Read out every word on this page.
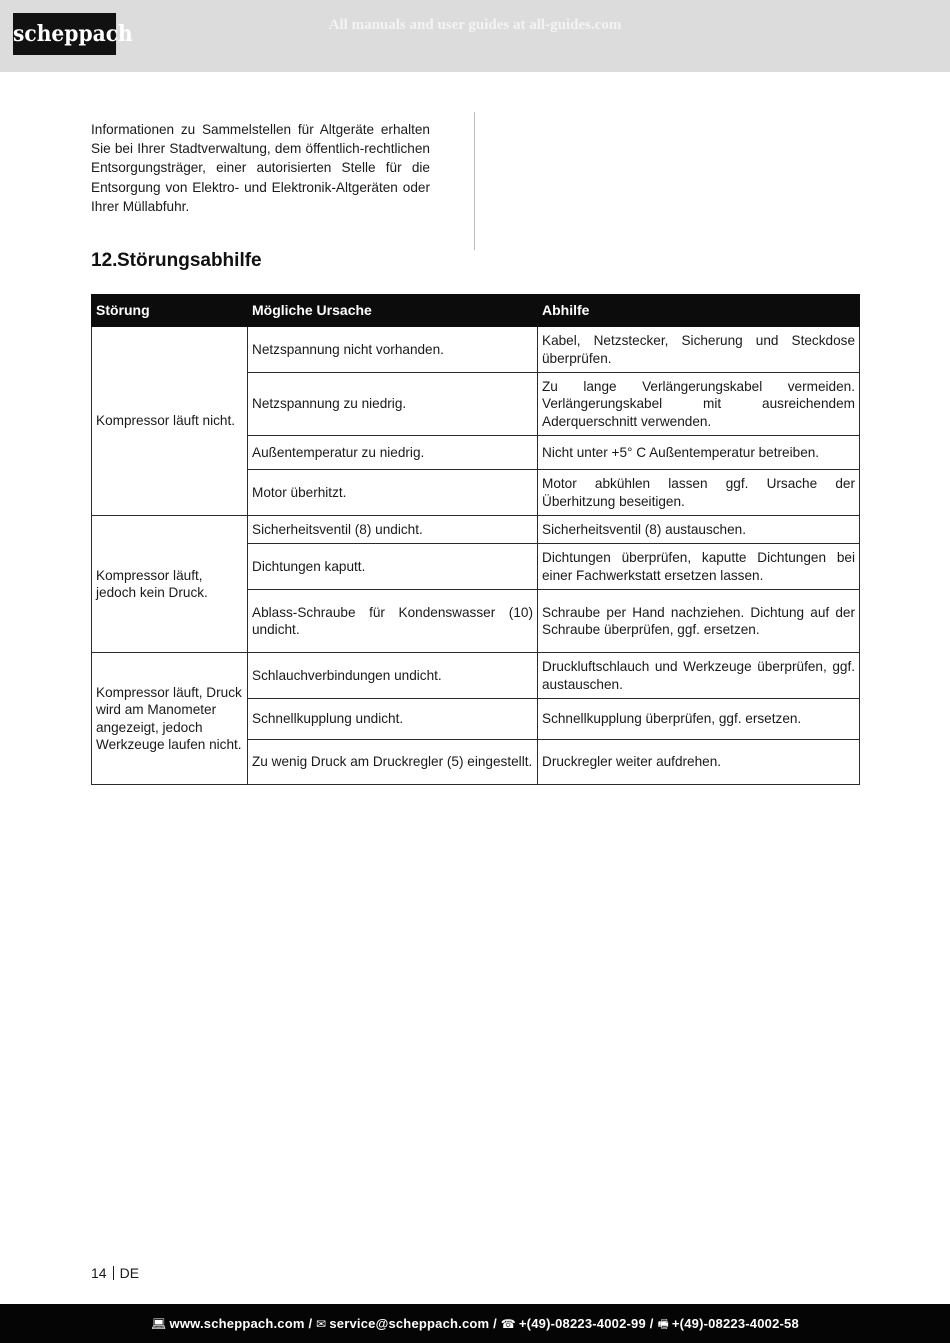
scheppach	All manuals and user guides at all-guides.com

Informationen zu Sammelstellen für Altgeräte erhalten Sie bei Ihrer Stadtverwaltung, dem öffentlich-rechtlichen Entsorgungsträger, einer autorisierten Stelle für die Entsorgung von Elektro- und Elektronik-Altgeräten oder Ihrer Müllabfuhr.

12.Störungsabhilfe
Störung	Mögliche Ursache	Abhilfe
Kompressor läuft nicht.	Netzspannung nicht vorhanden.	Kabel, Netzstecker, Sicherung und Steckdose überprüfen.
	Netzspannung zu niedrig.	Zu lange Verlängerungskabel vermeiden. Verlängerungskabel mit ausreichendem Aderquerschnitt verwenden.
	Außentemperatur zu niedrig.	Nicht unter +5° C Außentemperatur betreiben.
	Motor überhitzt.	Motor abkühlen lassen ggf. Ursache der Überhitzung beseitigen.
Kompressor läuft, jedoch kein Druck.	Sicherheitsventil (8) undicht.	Sicherheitsventil (8) austauschen.
	Dichtungen kaputt.	Dichtungen überprüfen, kaputte Dichtungen bei einer Fachwerkstatt ersetzen lassen.
	Ablass-Schraube für Kondenswasser (10) undicht.	Schraube per Hand nachziehen. Dichtung auf der Schraube überprüfen, ggf. ersetzen.
Kompressor läuft, Druck wird am Manometer angezeigt, jedoch Werkzeuge laufen nicht.	Schlauchverbindungen undicht.	Druckluftschlauch und Werkzeuge überprüfen, ggf. austauschen.
	Schnellkupplung undicht.	Schnellkupplung überprüfen, ggf. ersetzen.
	Zu wenig Druck am Druckregler (5) eingestellt.	Druckregler weiter aufdrehen.
14 DE
💻︎ www.scheppach.com / ✉︎ service@scheppach.com / ☎︎ +(49)-08223-4002-99 / 🖷︎ +(49)-08223-4002-58
